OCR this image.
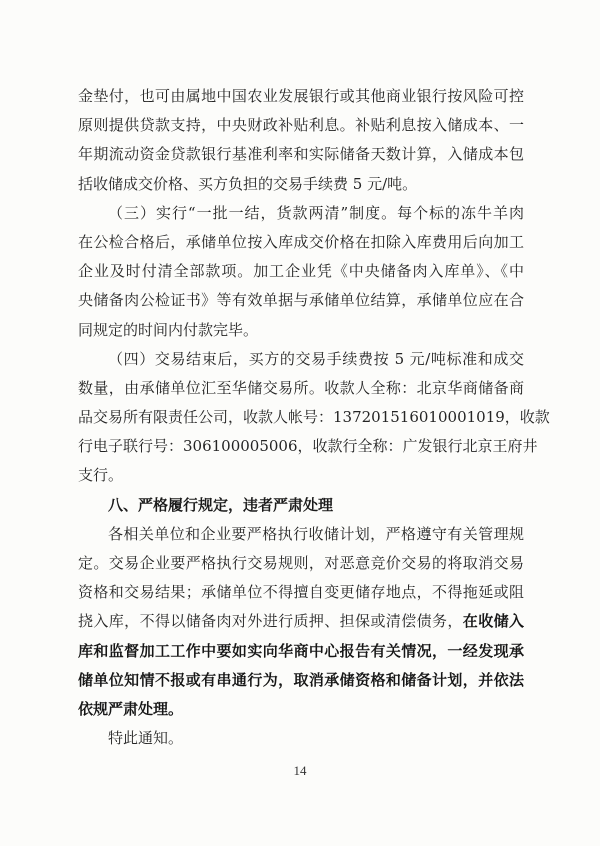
金垫付，也可由属地中国农业发展银行或其他商业银行按风险可控
原则提供贷款支持，中央财政补贴利息。补贴利息按入储成本、一
年期流动资金贷款银行基准利率和实际储备天数计算，入储成本包
括收储成交价格、买方负担的交易手续费 5 元/吨。
（三）实行“一批一结，货款两清”制度。每个标的冻牛羊肉
在公检合格后，承储单位按入库成交价格在扣除入库费用后向加工
企业及时付清全部款项。加工企业凭《中央储备肉入库单》、《中
央储备肉公检证书》等有效单据与承储单位结算，承储单位应在合
同规定的时间内付款完毕。
（四）交易结束后，买方的交易手续费按 5 元/吨标准和成交
数量，由承储单位汇至华储交易所。收款人全称：北京华商储备商
品交易所有限责任公司，收款人帐号：137201516010001019，收款
行电子联行号：306100005006，收款行全称：广发银行北京王府井
支行。
八、严格履行规定，违者严肃处理
各相关单位和企业要严格执行收储计划，严格遵守有关管理规
定。交易企业要严格执行交易规则，对恶意竞价交易的将取消交易
资格和交易结果；承储单位不得擅自变更储存地点，不得拖延或阻
挠入库，不得以储备肉对外进行质押、担保或清偿债务，在收储入
库和监督加工工作中要如实向华商中心报告有关情况，一经发现承
储单位知情不报或有串通行为，取消承储资格和储备计划，并依法
依规严肃处理。
特此通知。
14
